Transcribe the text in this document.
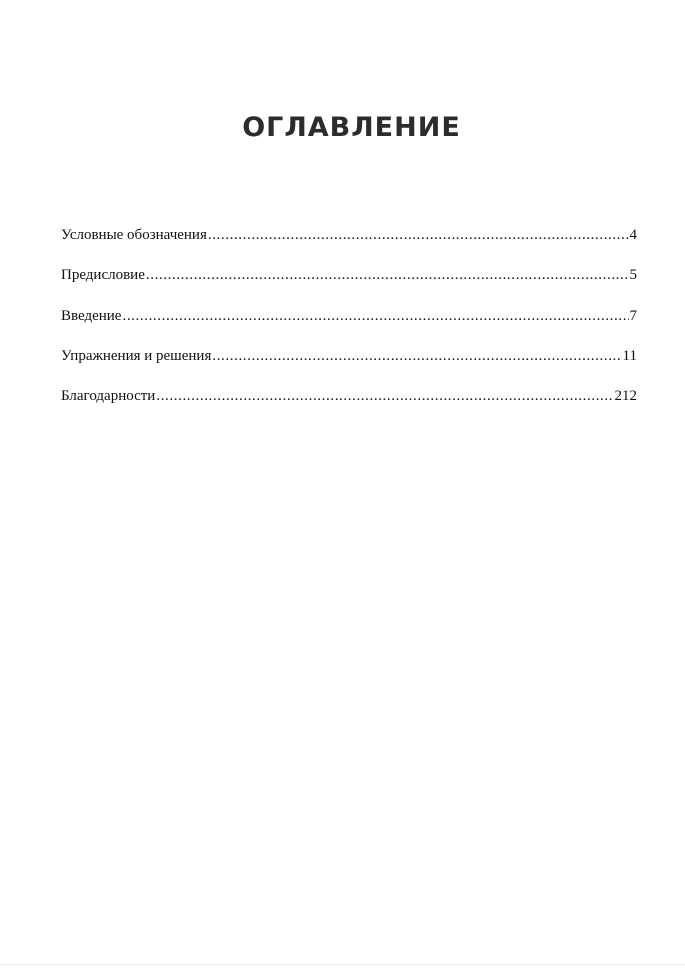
ОГЛАВЛЕНИЕ
Условные обозначения .....	4
Предисловие .....	5
Введение .....	7
Упражнения и решения .....	11
Благодарности .....	212
